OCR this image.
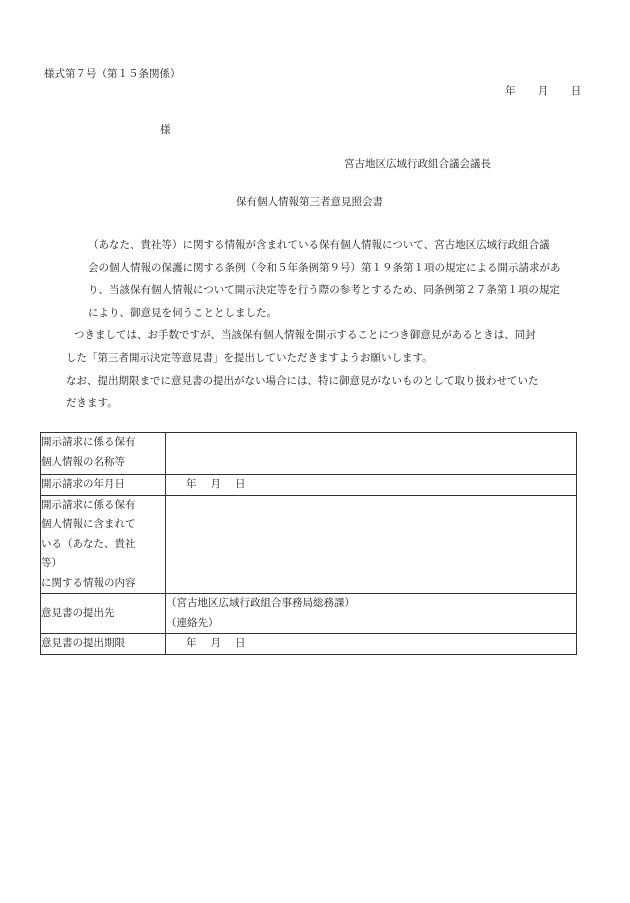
様式第７号（第１５条関係）
年 月 日
様
宮古地区広域行政組合議会議長
保有個人情報第三者意見照会書

（あなた、貴社等）に関する情報が含まれている保有個人情報について、宮古地区広域行政組合議
会の個人情報の保護に関する条例（令和５年条例第９号）第１９条第１項の規定による開示請求があ
り、当該保有個人情報について開示決定等を行う際の参考とするため、同条例第２７条第１項の規定
により、御意見を伺うこととしました。

つきましては、お手数ですが、当該保有個人情報を開示することにつき御意見があるときは、同封
した「第三者開示決定等意見書」を提出していただきますようお願いします。

なお、提出期限までに意見書の提出がない場合には、特に御意見がないものとして取り扱わせていた
だきます。

開示請求に係る保有
個人情報の名称等	

開示請求の年月日	年 月 日

開示請求に係る保有
個人情報に含まれて
いる（あなた、貴社
等）
に関する情報の内容	

意見書の提出先	（宮古地区広域行政組合事務局総務課）
（連絡先）

意見書の提出期限	年 月 日
